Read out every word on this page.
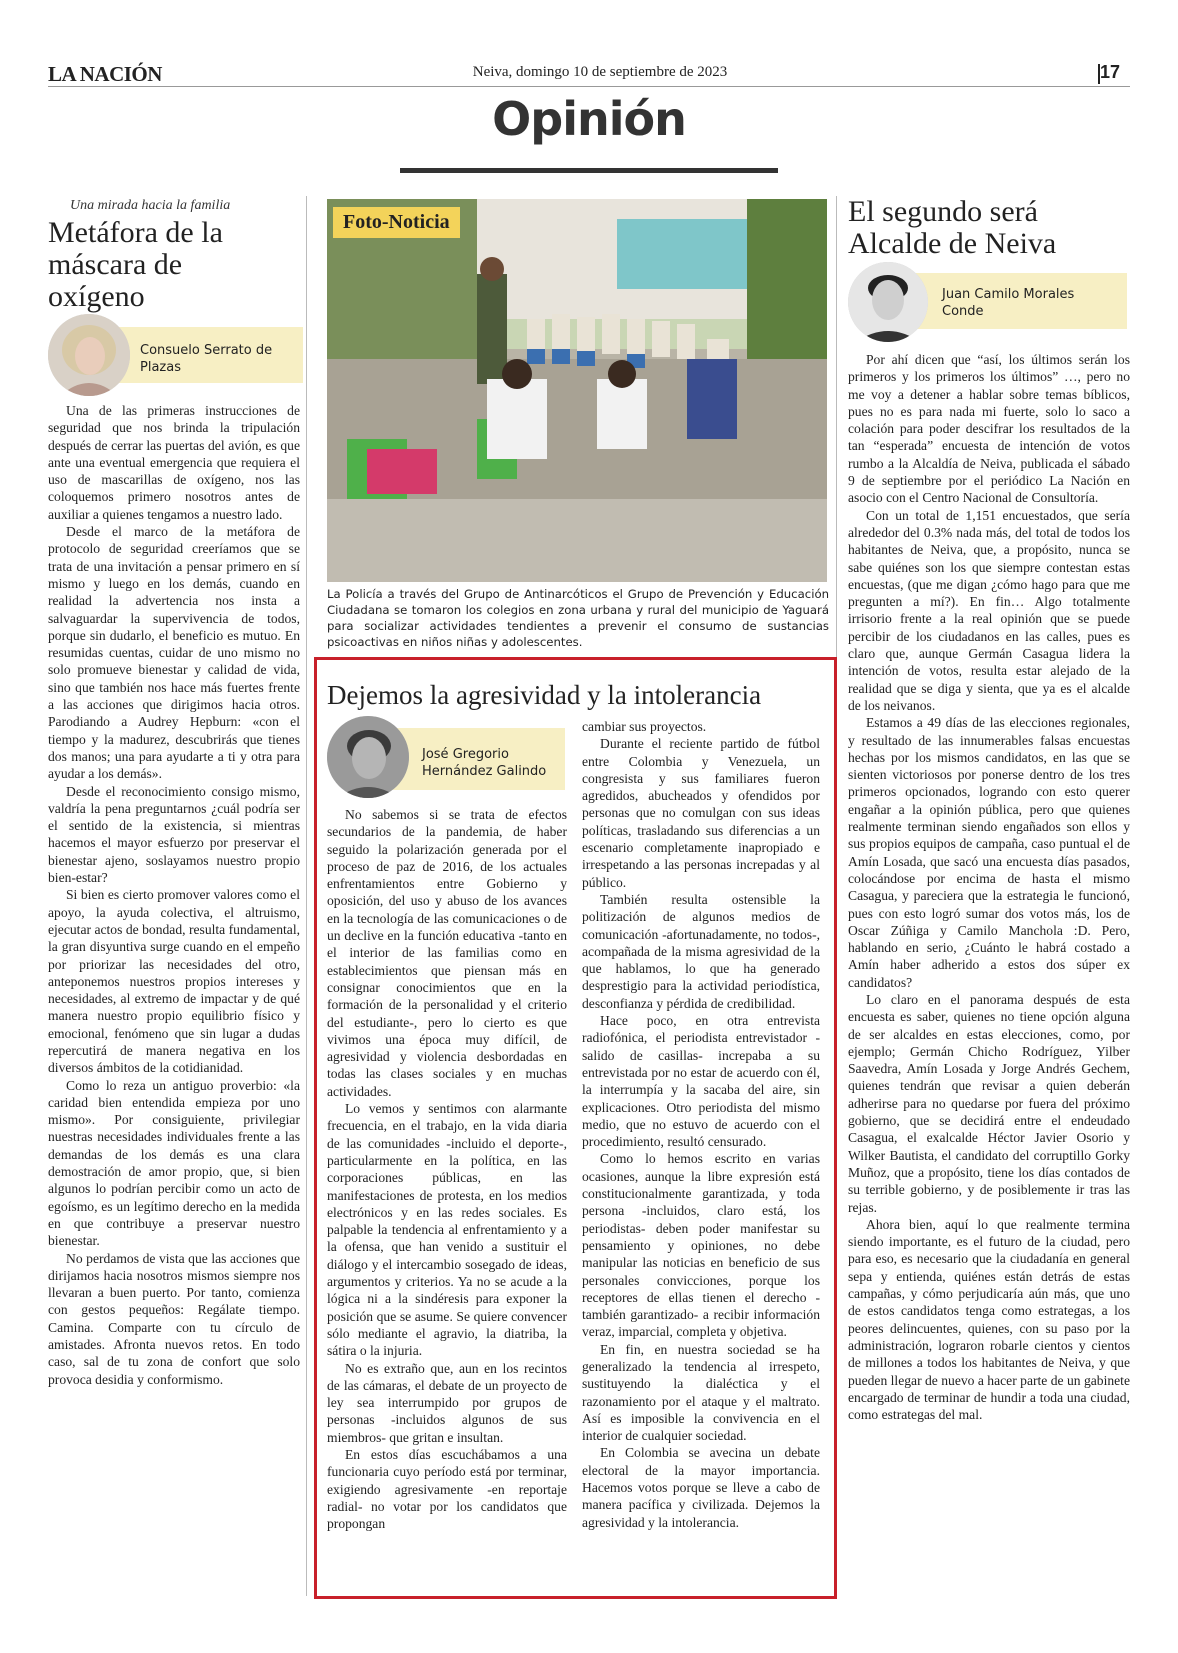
LA NACIÓN	Neiva, domingo 10 de septiembre de 2023	17
Opinión
Una mirada hacia la familia
Metáfora de la máscara de oxígeno
Consuelo Serrato de Plazas

Una de las primeras instrucciones de seguridad que nos brinda la tripulación después de cerrar las puertas del avión, es que ante una eventual emergencia que requiera el uso de mascarillas de oxígeno, nos las coloquemos primero nosotros antes de auxiliar a quienes tengamos a nuestro lado.

Desde el marco de la metáfora de protocolo de seguridad creeríamos que se trata de una invitación a pensar primero en sí mismo y luego en los demás, cuando en realidad la advertencia nos insta a salvaguardar la supervivencia de todos, porque sin dudarlo, el beneficio es mutuo. En resumidas cuentas, cuidar de uno mismo no solo promueve bienestar y calidad de vida, sino que también nos hace más fuertes frente a las acciones que dirigimos hacia otros. Parodiando a Audrey Hepburn: «con el tiempo y la madurez, descubrirás que tienes dos manos; una para ayudarte a ti y otra para ayudar a los demás».

Desde el reconocimiento consigo mismo, valdría la pena preguntarnos ¿cuál podría ser el sentido de la existencia, si mientras hacemos el mayor esfuerzo por preservar el bienestar ajeno, soslayamos nuestro propio bien-estar?

Si bien es cierto promover valores como el apoyo, la ayuda colectiva, el altruismo, ejecutar actos de bondad, resulta fundamental, la gran disyuntiva surge cuando en el empeño por priorizar las necesidades del otro, anteponemos nuestros propios intereses y necesidades, al extremo de impactar y de qué manera nuestro propio equilibrio físico y emocional, fenómeno que sin lugar a dudas repercutirá de manera negativa en los diversos ámbitos de la cotidianidad.

Como lo reza un antiguo proverbio: «la caridad bien entendida empieza por uno mismo». Por consiguiente, privilegiar nuestras necesidades individuales frente a las demandas de los demás es una clara demostración de amor propio, que, si bien algunos lo podrían percibir como un acto de egoísmo, es un legítimo derecho en la medida en que contribuye a preservar nuestro bienestar.

No perdamos de vista que las acciones que dirijamos hacia nosotros mismos siempre nos llevaran a buen puerto. Por tanto, comienza con gestos pequeños: Regálate tiempo. Camina. Comparte con tu círculo de amistades. Afronta nuevos retos. En todo caso, sal de tu zona de confort que solo provoca desidia y conformismo.

Foto-Noticia
La Policía a través del Grupo de Antinarcóticos el Grupo de Prevención y Educación Ciudadana se tomaron los colegios en zona urbana y rural del municipio de Yaguará para socializar actividades tendientes a prevenir el consumo de sustancias psicoactivas en niños niñas y adolescentes.
Dejemos la agresividad y la intolerancia
José Gregorio Hernández Galindo

No sabemos si se trata de efectos secundarios de la pandemia, de haber seguido la polarización generada por el proceso de paz de 2016, de los actuales enfrentamientos entre Gobierno y oposición, del uso y abuso de los avances en la tecnología de las comunicaciones o de un declive en la función educativa -tanto en el interior de las familias como en establecimientos que piensan más en consignar conocimientos que en la formación de la personalidad y el criterio del estudiante-, pero lo cierto es que vivimos una época muy difícil, de agresividad y violencia desbordadas en todas las clases sociales y en muchas actividades.

Lo vemos y sentimos con alarmante frecuencia, en el trabajo, en la vida diaria de las comunidades -incluido el deporte-, particularmente en la política, en las corporaciones públicas, en las manifestaciones de protesta, en los medios electrónicos y en las redes sociales. Es palpable la tendencia al enfrentamiento y a la ofensa, que han venido a sustituir el diálogo y el intercambio sosegado de ideas, argumentos y criterios. Ya no se acude a la lógica ni a la sindéresis para exponer la posición que se asume. Se quiere convencer sólo mediante el agravio, la diatriba, la sátira o la injuria.

No es extraño que, aun en los recintos de las cámaras, el debate de un proyecto de ley sea interrumpido por grupos de personas -incluidos algunos de sus miembros- que gritan e insultan.

En estos días escuchábamos a una funcionaria cuyo período está por terminar, exigiendo agresivamente -en reportaje radial- no votar por los candidatos que propongan

cambiar sus proyectos.

Durante el reciente partido de fútbol entre Colombia y Venezuela, un congresista y sus familiares fueron agredidos, abucheados y ofendidos por personas que no comulgan con sus ideas políticas, trasladando sus diferencias a un escenario completamente inapropiado e irrespetando a las personas increpadas y al público.

También resulta ostensible la politización de algunos medios de comunicación -afortunadamente, no todos-, acompañada de la misma agresividad de la que hablamos, lo que ha generado desprestigio para la actividad periodística, desconfianza y pérdida de credibilidad.

Hace poco, en otra entrevista radiofónica, el periodista entrevistador -salido de casillas- increpaba a su entrevistada por no estar de acuerdo con él, la interrumpía y la sacaba del aire, sin explicaciones. Otro periodista del mismo medio, que no estuvo de acuerdo con el procedimiento, resultó censurado.

Como lo hemos escrito en varias ocasiones, aunque la libre expresión está constitucionalmente garantizada, y toda persona -incluidos, claro está, los periodistas- deben poder manifestar su pensamiento y opiniones, no debe manipular las noticias en beneficio de sus personales convicciones, porque los receptores de ellas tienen el derecho -también garantizado- a recibir información veraz, imparcial, completa y objetiva.

En fin, en nuestra sociedad se ha generalizado la tendencia al irrespeto, sustituyendo la dialéctica y el razonamiento por el ataque y el maltrato. Así es imposible la convivencia en el interior de cualquier sociedad.

En Colombia se avecina un debate electoral de la mayor importancia. Hacemos votos porque se lleve a cabo de manera pacífica y civilizada. Dejemos la agresividad y la intolerancia.

El segundo será Alcalde de Neiva
Juan Camilo Morales Conde

Por ahí dicen que “así, los últimos serán los primeros y los primeros los últimos” …, pero no me voy a detener a hablar sobre temas bíblicos, pues no es para nada mi fuerte, solo lo saco a colación para poder descifrar los resultados de la tan “esperada” encuesta de intención de votos rumbo a la Alcaldía de Neiva, publicada el sábado 9 de septiembre por el periódico La Nación en asocio con el Centro Nacional de Consultoría.

Con un total de 1,151 encuestados, que sería alrededor del 0.3% nada más, del total de todos los habitantes de Neiva, que, a propósito, nunca se sabe quiénes son los que siempre contestan estas encuestas, (que me digan ¿cómo hago para que me pregunten a mí?). En fin… Algo totalmente irrisorio frente a la real opinión que se puede percibir de los ciudadanos en las calles, pues es claro que, aunque Germán Casagua lidera la intención de votos, resulta estar alejado de la realidad que se diga y sienta, que ya es el alcalde de los neivanos.

Estamos a 49 días de las elecciones regionales, y resultado de las innumerables falsas encuestas hechas por los mismos candidatos, en las que se sienten victoriosos por ponerse dentro de los tres primeros opcionados, logrando con esto querer engañar a la opinión pública, pero que quienes realmente terminan siendo engañados son ellos y sus propios equipos de campaña, caso puntual el de Amín Losada, que sacó una encuesta días pasados, colocándose por encima de hasta el mismo Casagua, y pareciera que la estrategia le funcionó, pues con esto logró sumar dos votos más, los de Oscar Zúñiga y Camilo Manchola :D. Pero, hablando en serio, ¿Cuánto le habrá costado a Amín haber adherido a estos dos súper ex candidatos?

Lo claro en el panorama después de esta encuesta es saber, quienes no tiene opción alguna de ser alcaldes en estas elecciones, como, por ejemplo; Germán Chicho Rodríguez, Yilber Saavedra, Amín Losada y Jorge Andrés Gechem, quienes tendrán que revisar a quien deberán adherirse para no quedarse por fuera del próximo gobierno, que se decidirá entre el endeudado Casagua, el exalcalde Héctor Javier Osorio y Wilker Bautista, el candidato del corruptillo Gorky Muñoz, que a propósito, tiene los días contados de su terrible gobierno, y de posiblemente ir tras las rejas.

Ahora bien, aquí lo que realmente termina siendo importante, es el futuro de la ciudad, pero para eso, es necesario que la ciudadanía en general sepa y entienda, quiénes están detrás de estas campañas, y cómo perjudicaría aún más, que uno de estos candidatos tenga como estrategas, a los peores delincuentes, quienes, con su paso por la administración, lograron robarle cientos y cientos de millones a todos los habitantes de Neiva, y que pueden llegar de nuevo a hacer parte de un gabinete encargado de terminar de hundir a toda una ciudad, como estrategas del mal.
